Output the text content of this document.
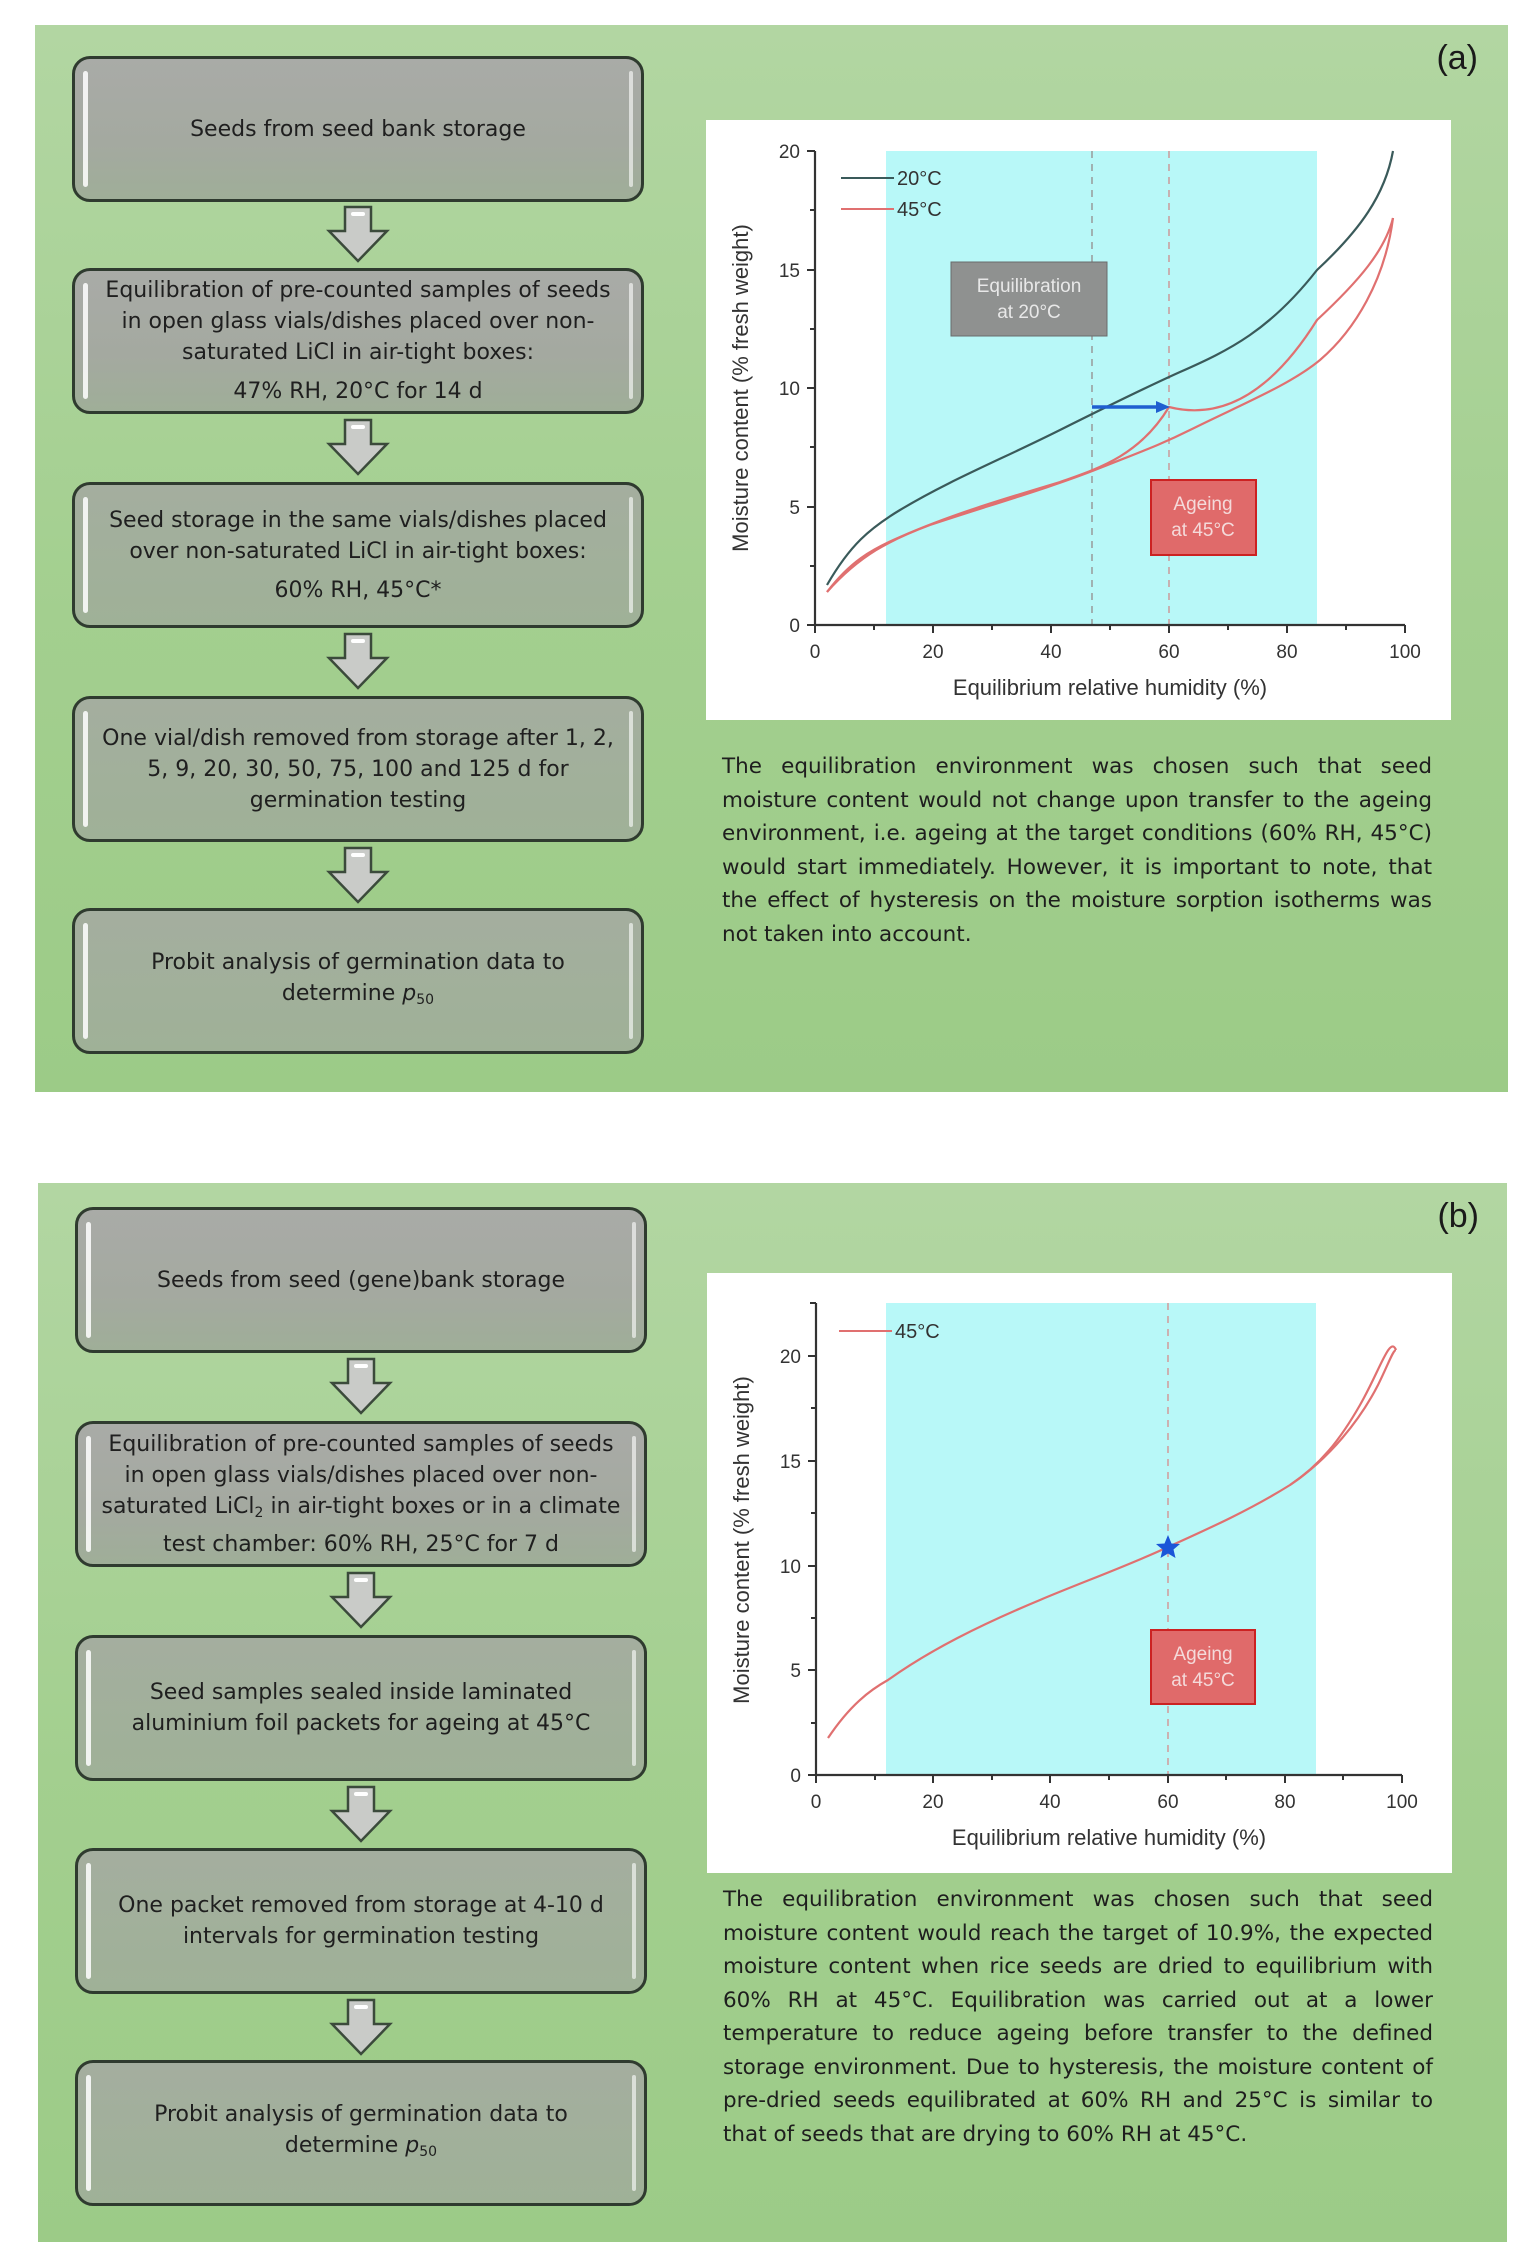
(a)
Seeds from seed bank storage
Equilibration of pre-counted samples of seeds in open glass vials/dishes placed over non-saturated LiCl in air-tight boxes:
47% RH, 20°C for 14 d
Seed storage in the same vials/dishes placed over non-saturated LiCl in air-tight boxes:
60% RH, 45°C*
One vial/dish removed from storage after 1, 2, 5, 9, 20, 30, 50, 75, 100 and 125 d for germination testing
Probit analysis of germination data to determine p50
Equilibration
at 20°C
Ageing
at 45°C
20
15
10
5
0
0	20	40	60	80	100
Equilibrium relative humidity (%)
Moisture content (% fresh weight)
20°C
45°C
The equilibration environment was chosen such that seed moisture content would not change upon transfer to the ageing environment, i.e. ageing at the target conditions (60% RH, 45°C) would start immediately. However, it is important to note, that the effect of hysteresis on the moisture sorption isotherms was not taken into account.
(b)
Seeds from seed (gene)bank storage
Equilibration of pre-counted samples of seeds in open glass vials/dishes placed over non-saturated LiCl2 in air-tight boxes or in a climate test chamber: 60% RH, 25°C for 7 d
Seed samples sealed inside laminated aluminium foil packets for ageing at 45°C
One packet removed from storage at 4-10 d intervals for germination testing
Probit analysis of germination data to determine p50
Ageing
at 45°C
20
15
10
5
0
0	20	40	60	80	100
Equilibrium relative humidity (%)
Moisture content (% fresh weight)
45°C
The equilibration environment was chosen such that seed moisture content would reach the target of 10.9%, the expected moisture content when rice seeds are dried to equilibrium with 60% RH at 45°C. Equilibration was carried out at a lower temperature to reduce ageing before transfer to the defined storage environment. Due to hysteresis, the moisture content of pre-dried seeds equilibrated at 60% RH and 25°C is similar to that of seeds that are drying to 60% RH at 45°C.
